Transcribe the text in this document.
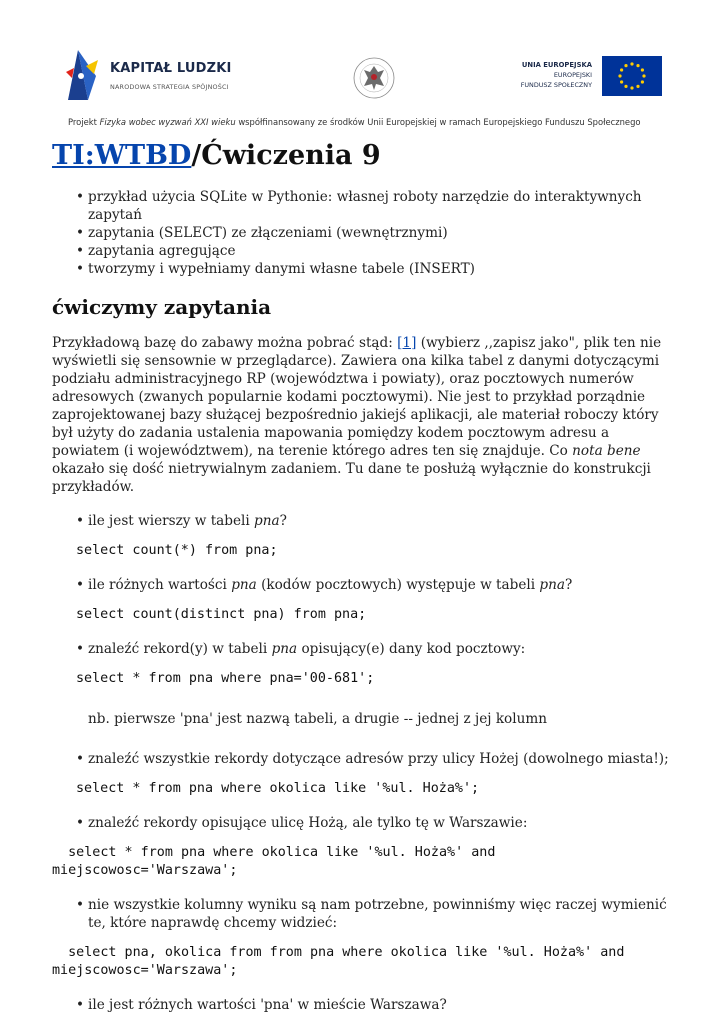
KAPITAŁ LUDZKI
NARODOWA STRATEGIA SPÓJNOŚCI
UNIA EUROPEJSKA
EUROPEJSKI
FUNDUSZ SPOŁECZNY
Projekt Fizyka wobec wyzwań XXI wieku współfinansowany ze środków Unii Europejskiej w ramach Europejskiego Funduszu Społecznego
TI:WTBD/Ćwiczenia 9
• przykład użycia SQLite w Pythonie: własnej roboty narzędzie do interaktywnych zapytań
• zapytania (SELECT) ze złączeniami (wewnętrznymi)
• zapytania agregujące
• tworzymy i wypełniamy danymi własne tabele (INSERT)
ćwiczymy zapytania

Przykładową bazę do zabawy można pobrać stąd: [1] (wybierz ,,zapisz jako", plik ten nie wyświetli się sensownie w przeglądarce). Zawiera ona kilka tabel z danymi dotyczącymi podziału administracyjnego RP (województwa i powiaty), oraz pocztowych numerów adresowych (zwanych popularnie kodami pocztowymi). Nie jest to przykład porządnie zaprojektowanej bazy służącej bezpośrednio jakiejś aplikacji, ale materiał roboczy który był użyty do zadania ustalenia mapowania pomiędzy kodem pocztowym adresu a powiatem (i województwem), na terenie którego adres ten się znajduje. Co nota bene okazało się dość nietrywialnym zadaniem. Tu dane te posłużą wyłącznie do konstrukcji przykładów.

• ile jest wierszy w tabeli pna?
select count(*) from pna;
• ile różnych wartości pna (kodów pocztowych) występuje w tabeli pna?
select count(distinct pna) from pna;
• znaleźć rekord(y) w tabeli pna opisujący(e) dany kod pocztowy:
select * from pna where pna='00-681';
nb. pierwsze 'pna' jest nazwą tabeli, a drugie -- jednej z jej kolumn
• znaleźć wszystkie rekordy dotyczące adresów przy ulicy Hożej (dowolnego miasta!);
select * from pna where okolica like '%ul. Hoża%';
• znaleźć rekordy opisujące ulicę Hożą, ale tylko tę w Warszawie:
select * from pna where okolica like '%ul. Hoża%' and
miejscowosc='Warszawa';
• nie wszystkie kolumny wyniku są nam potrzebne, powinniśmy więc raczej wymienić te, które naprawdę chcemy widzieć:
select pna, okolica from from pna where okolica like '%ul. Hoża%' and
miejscowosc='Warszawa';
• ile jest różnych wartości 'pna' w mieście Warszawa?
